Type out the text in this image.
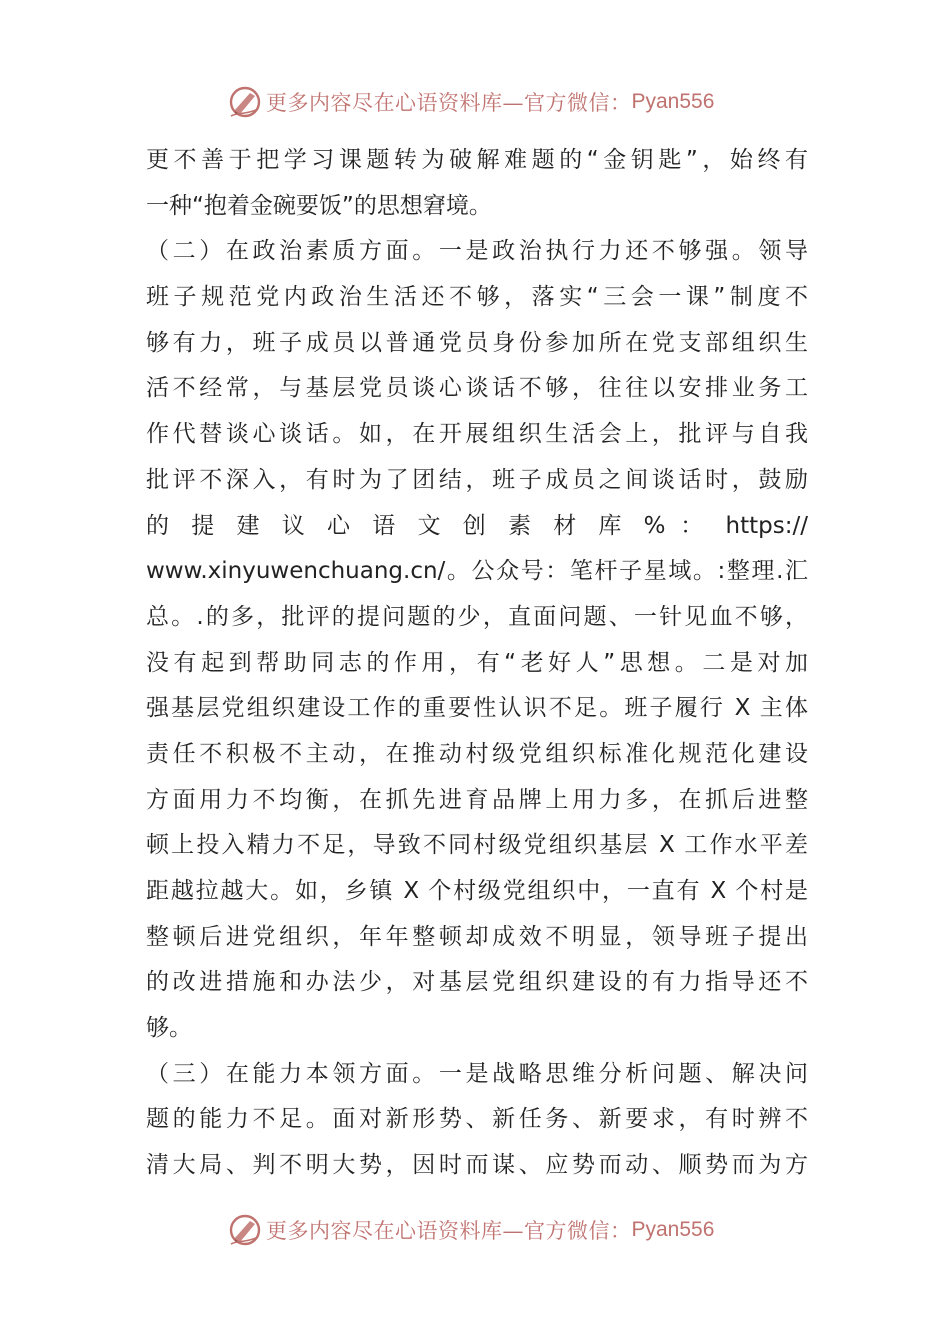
更多内容尽在心语资料库—官方微信： Pyan556
更不善于把学习课题转为破解难题的“金钥匙”，始终有
一种“抱着金碗要饭”的思想窘境。
（二）在政治素质方面。一是政治执行力还不够强。领导
班子规范党内政治生活还不够，落实“三会一课”制度不
够有力，班子成员以普通党员身份参加所在党支部组织生
活不经常，与基层党员谈心谈话不够，往往以安排业务工
作代替谈心谈话。如，在开展组织生活会上，批评与自我
批评不深入，有时为了团结，班子成员之间谈话时，鼓励
的 提 建 议 心 语 文 创 素 材 库 % ： https://
www.xinyuwenchuang.cn/。公众号：笔杆子星域。:整理.汇
总。.的多，批评的提问题的少，直面问题、一针见血不够，
没有起到帮助同志的作用，有“老好人”思想。二是对加
强基层党组织建设工作的重要性认识不足。班子履行 X 主体
责任不积极不主动，在推动村级党组织标准化规范化建设
方面用力不均衡，在抓先进育品牌上用力多，在抓后进整
顿上投入精力不足，导致不同村级党组织基层 X 工作水平差
距越拉越大。如，乡镇 X 个村级党组织中，一直有 X 个村是
整顿后进党组织，年年整顿却成效不明显，领导班子提出
的改进措施和办法少，对基层党组织建设的有力指导还不
够。
（三）在能力本领方面。一是战略思维分析问题、解决问
题的能力不足。面对新形势、新任务、新要求，有时辨不
清大局、判不明大势，因时而谋、应势而动、顺势而为方
更多内容尽在心语资料库—官方微信： Pyan556
